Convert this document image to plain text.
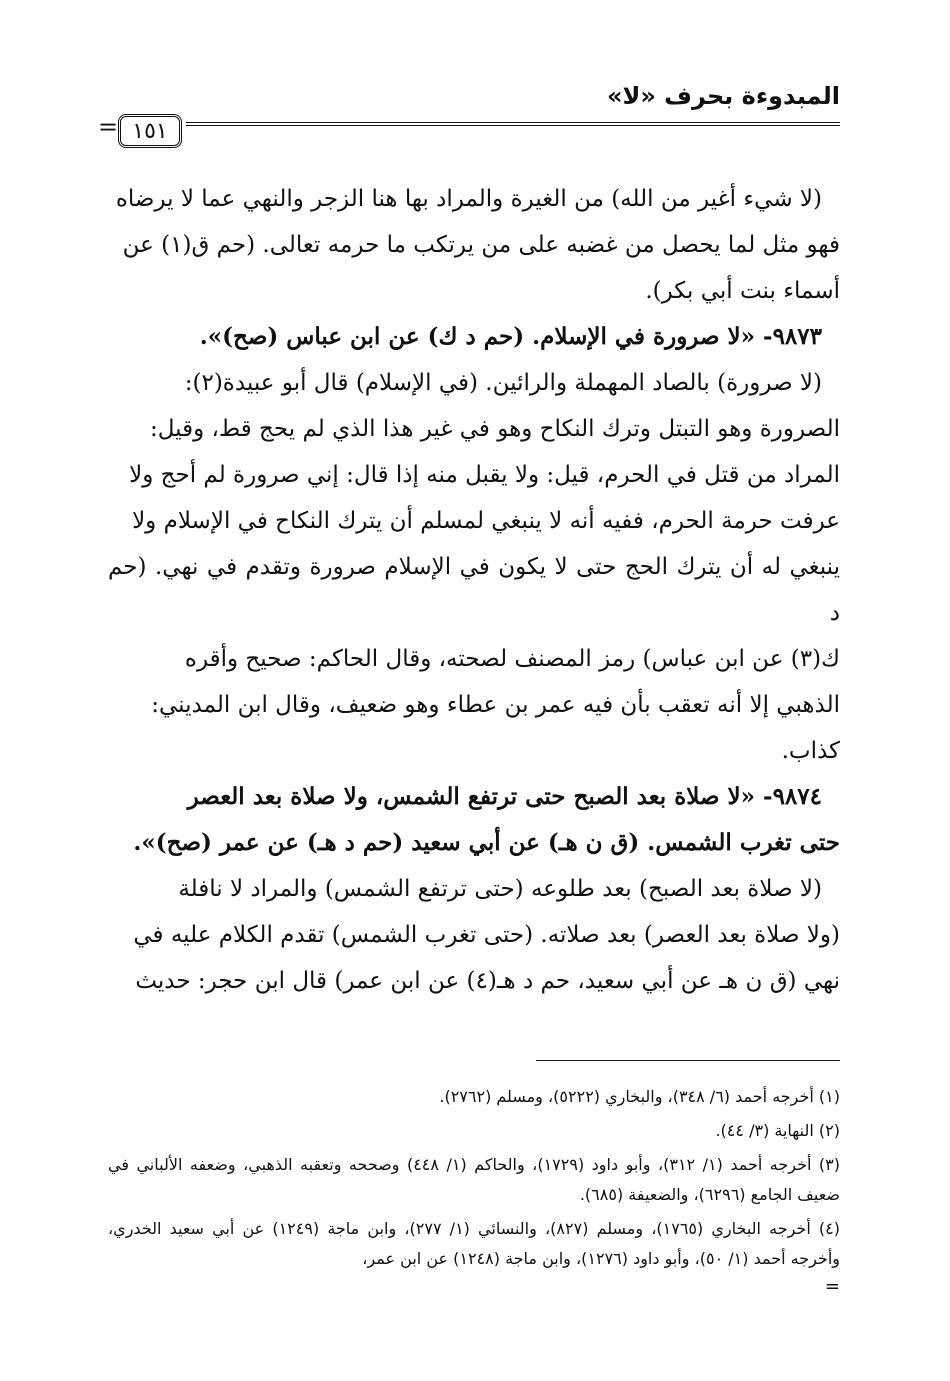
المبدوءة بحرف «لا»
١٥١
=

(لا شيء أغير من الله) من الغيرة والمراد بها هنا الزجر والنهي عما لا يرضاه

فهو مثل لما يحصل من غضبه على من يرتكب ما حرمه تعالى. (حم ق(١) عن

أسماء بنت أبي بكر).

٩٨٧٣- «لا صرورة في الإسلام. (حم د ك) عن ابن عباس (صح)».

(لا صرورة) بالصاد المهملة والرائين. (في الإسلام) قال أبو عبيدة(٢):

الصرورة وهو التبتل وترك النكاح وهو في غير هذا الذي لم يحج قط، وقيل:

المراد من قتل في الحرم، قيل: ولا يقبل منه إذا قال: إني صرورة لم أحج ولا

عرفت حرمة الحرم، ففيه أنه لا ينبغي لمسلم أن يترك النكاح في الإسلام ولا

ينبغي له أن يترك الحج حتى لا يكون في الإسلام صرورة وتقدم في نهي. (حم د

ك(٣) عن ابن عباس) رمز المصنف لصحته، وقال الحاكم: صحيح وأقره

الذهبي إلا أنه تعقب بأن فيه عمر بن عطاء وهو ضعيف، وقال ابن المديني:

كذاب.

٩٨٧٤- «لا صلاة بعد الصبح حتى ترتفع الشمس، ولا صلاة بعد العصر

حتى تغرب الشمس. (ق ن هـ) عن أبي سعيد (حم د هـ) عن عمر (صح)».

(لا صلاة بعد الصبح) بعد طلوعه (حتى ترتفع الشمس) والمراد لا نافلة

(ولا صلاة بعد العصر) بعد صلاته. (حتى تغرب الشمس) تقدم الكلام عليه في

نهي (ق ن هـ عن أبي سعيد، حم د هـ(٤) عن ابن عمر) قال ابن حجر: حديث

(١) أخرجه أحمد (٦/ ٣٤٨)، والبخاري (٥٢٢٢)، ومسلم (٢٧٦٢).

(٢) النهاية (٣/ ٤٤).

(٣) أخرجه أحمد (١/ ٣١٢)، وأبو داود (١٧٢٩)، والحاكم (١/ ٤٤٨) وصححه وتعقبه الذهبي، وضعفه الألباني في ضعيف الجامع (٦٢٩٦)، والضعيفة (٦٨٥).

(٤) أخرجه البخاري (١٧٦٥)، ومسلم (٨٢٧)، والنسائي (١/ ٢٧٧)، وابن ماجة (١٢٤٩) عن أبي سعيد الخدري، وأخرجه أحمد (١/ ٥٠)، وأبو داود (١٢٧٦)، وابن ماجة (١٢٤٨) عن ابن عمر،

=
